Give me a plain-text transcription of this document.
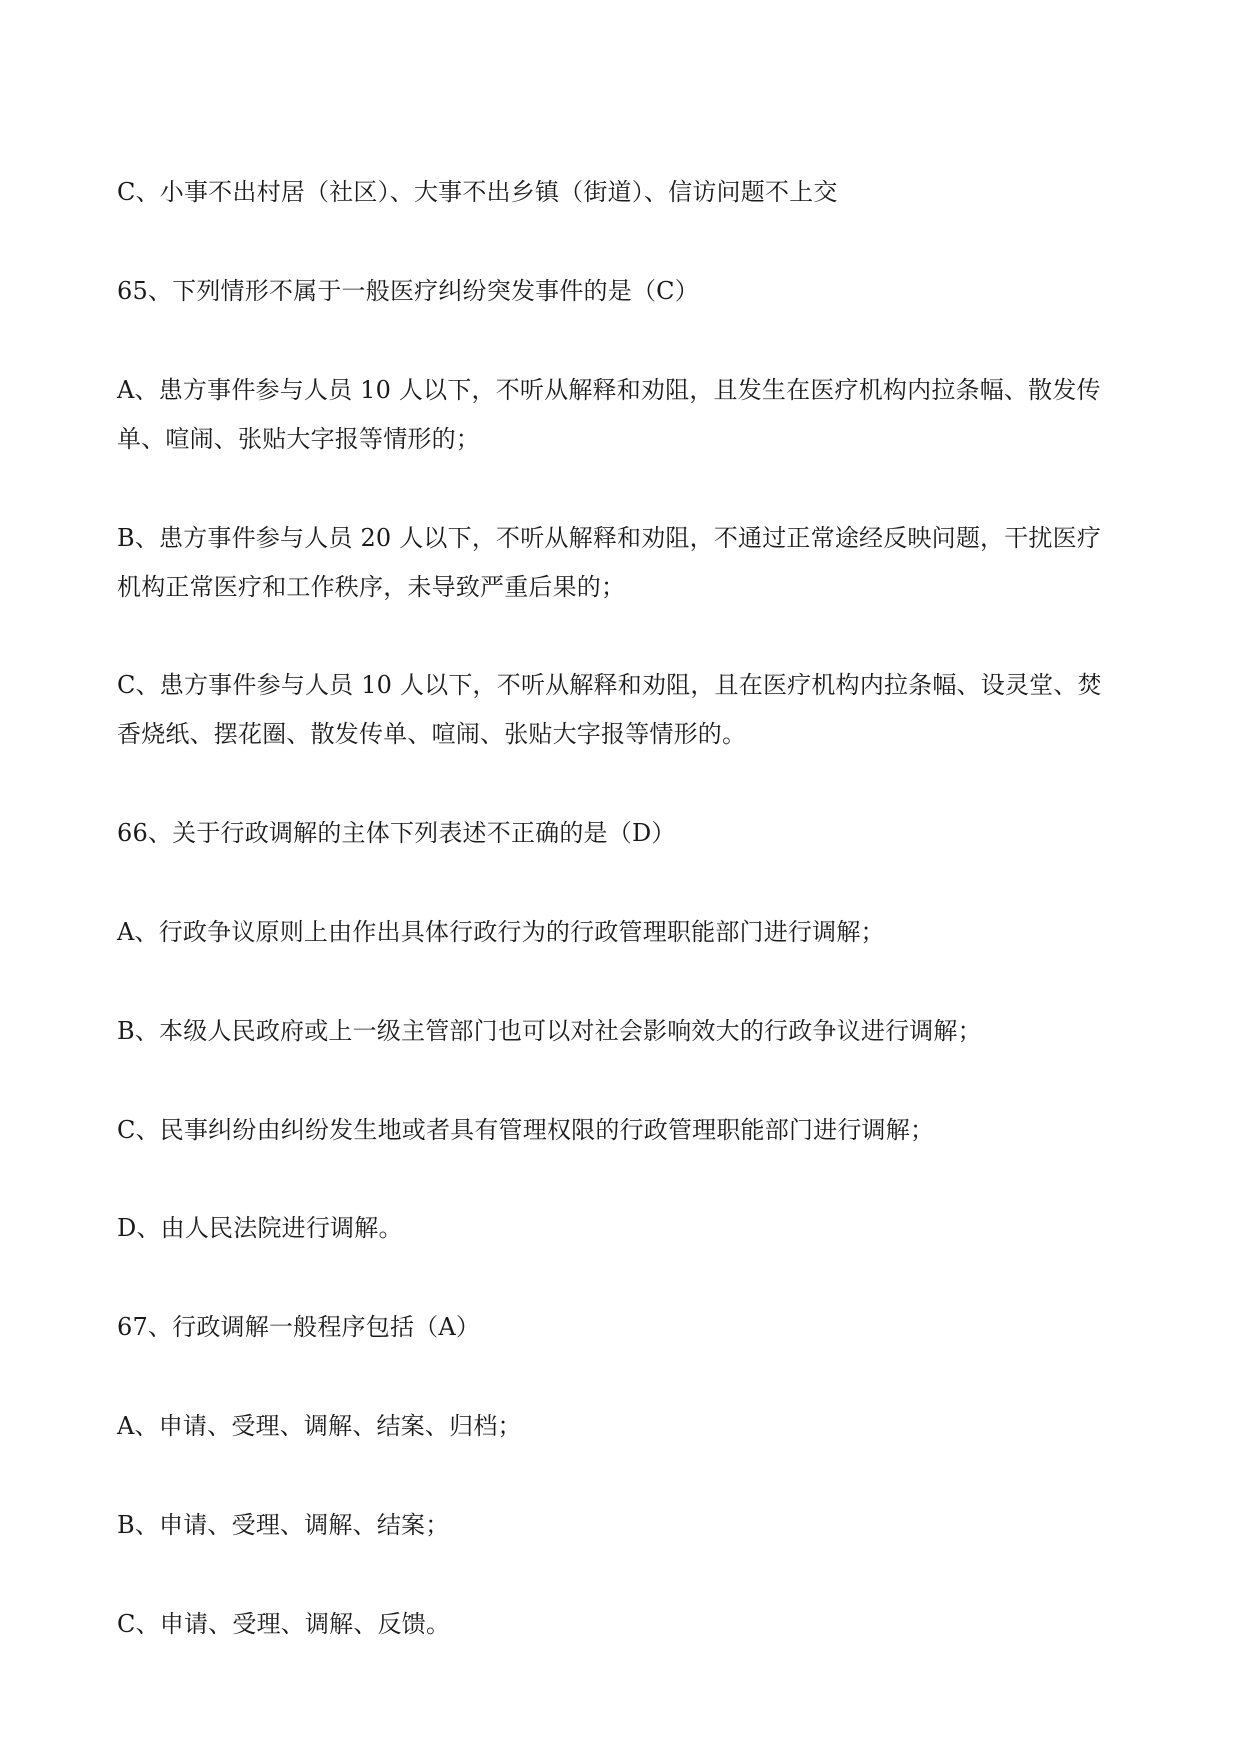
C、小事不出村居（社区）、大事不出乡镇（街道）、信访问题不上交
65、下列情形不属于一般医疗纠纷突发事件的是（C）
A、患方事件参与人员 10 人以下，不听从解释和劝阻，且发生在医疗机构内拉条幅、散发传
单、喧闹、张贴大字报等情形的；
B、患方事件参与人员 20 人以下，不听从解释和劝阻，不通过正常途经反映问题，干扰医疗
机构正常医疗和工作秩序，未导致严重后果的；
C、患方事件参与人员 10 人以下，不听从解释和劝阻，且在医疗机构内拉条幅、设灵堂、焚
香烧纸、摆花圈、散发传单、喧闹、张贴大字报等情形的。
66、关于行政调解的主体下列表述不正确的是（D）
A、行政争议原则上由作出具体行政行为的行政管理职能部门进行调解；
B、本级人民政府或上一级主管部门也可以对社会影响效大的行政争议进行调解；
C、民事纠纷由纠纷发生地或者具有管理权限的行政管理职能部门进行调解；
D、由人民法院进行调解。
67、行政调解一般程序包括（A）
A、申请、受理、调解、结案、归档；
B、申请、受理、调解、结案；
C、申请、受理、调解、反馈。
